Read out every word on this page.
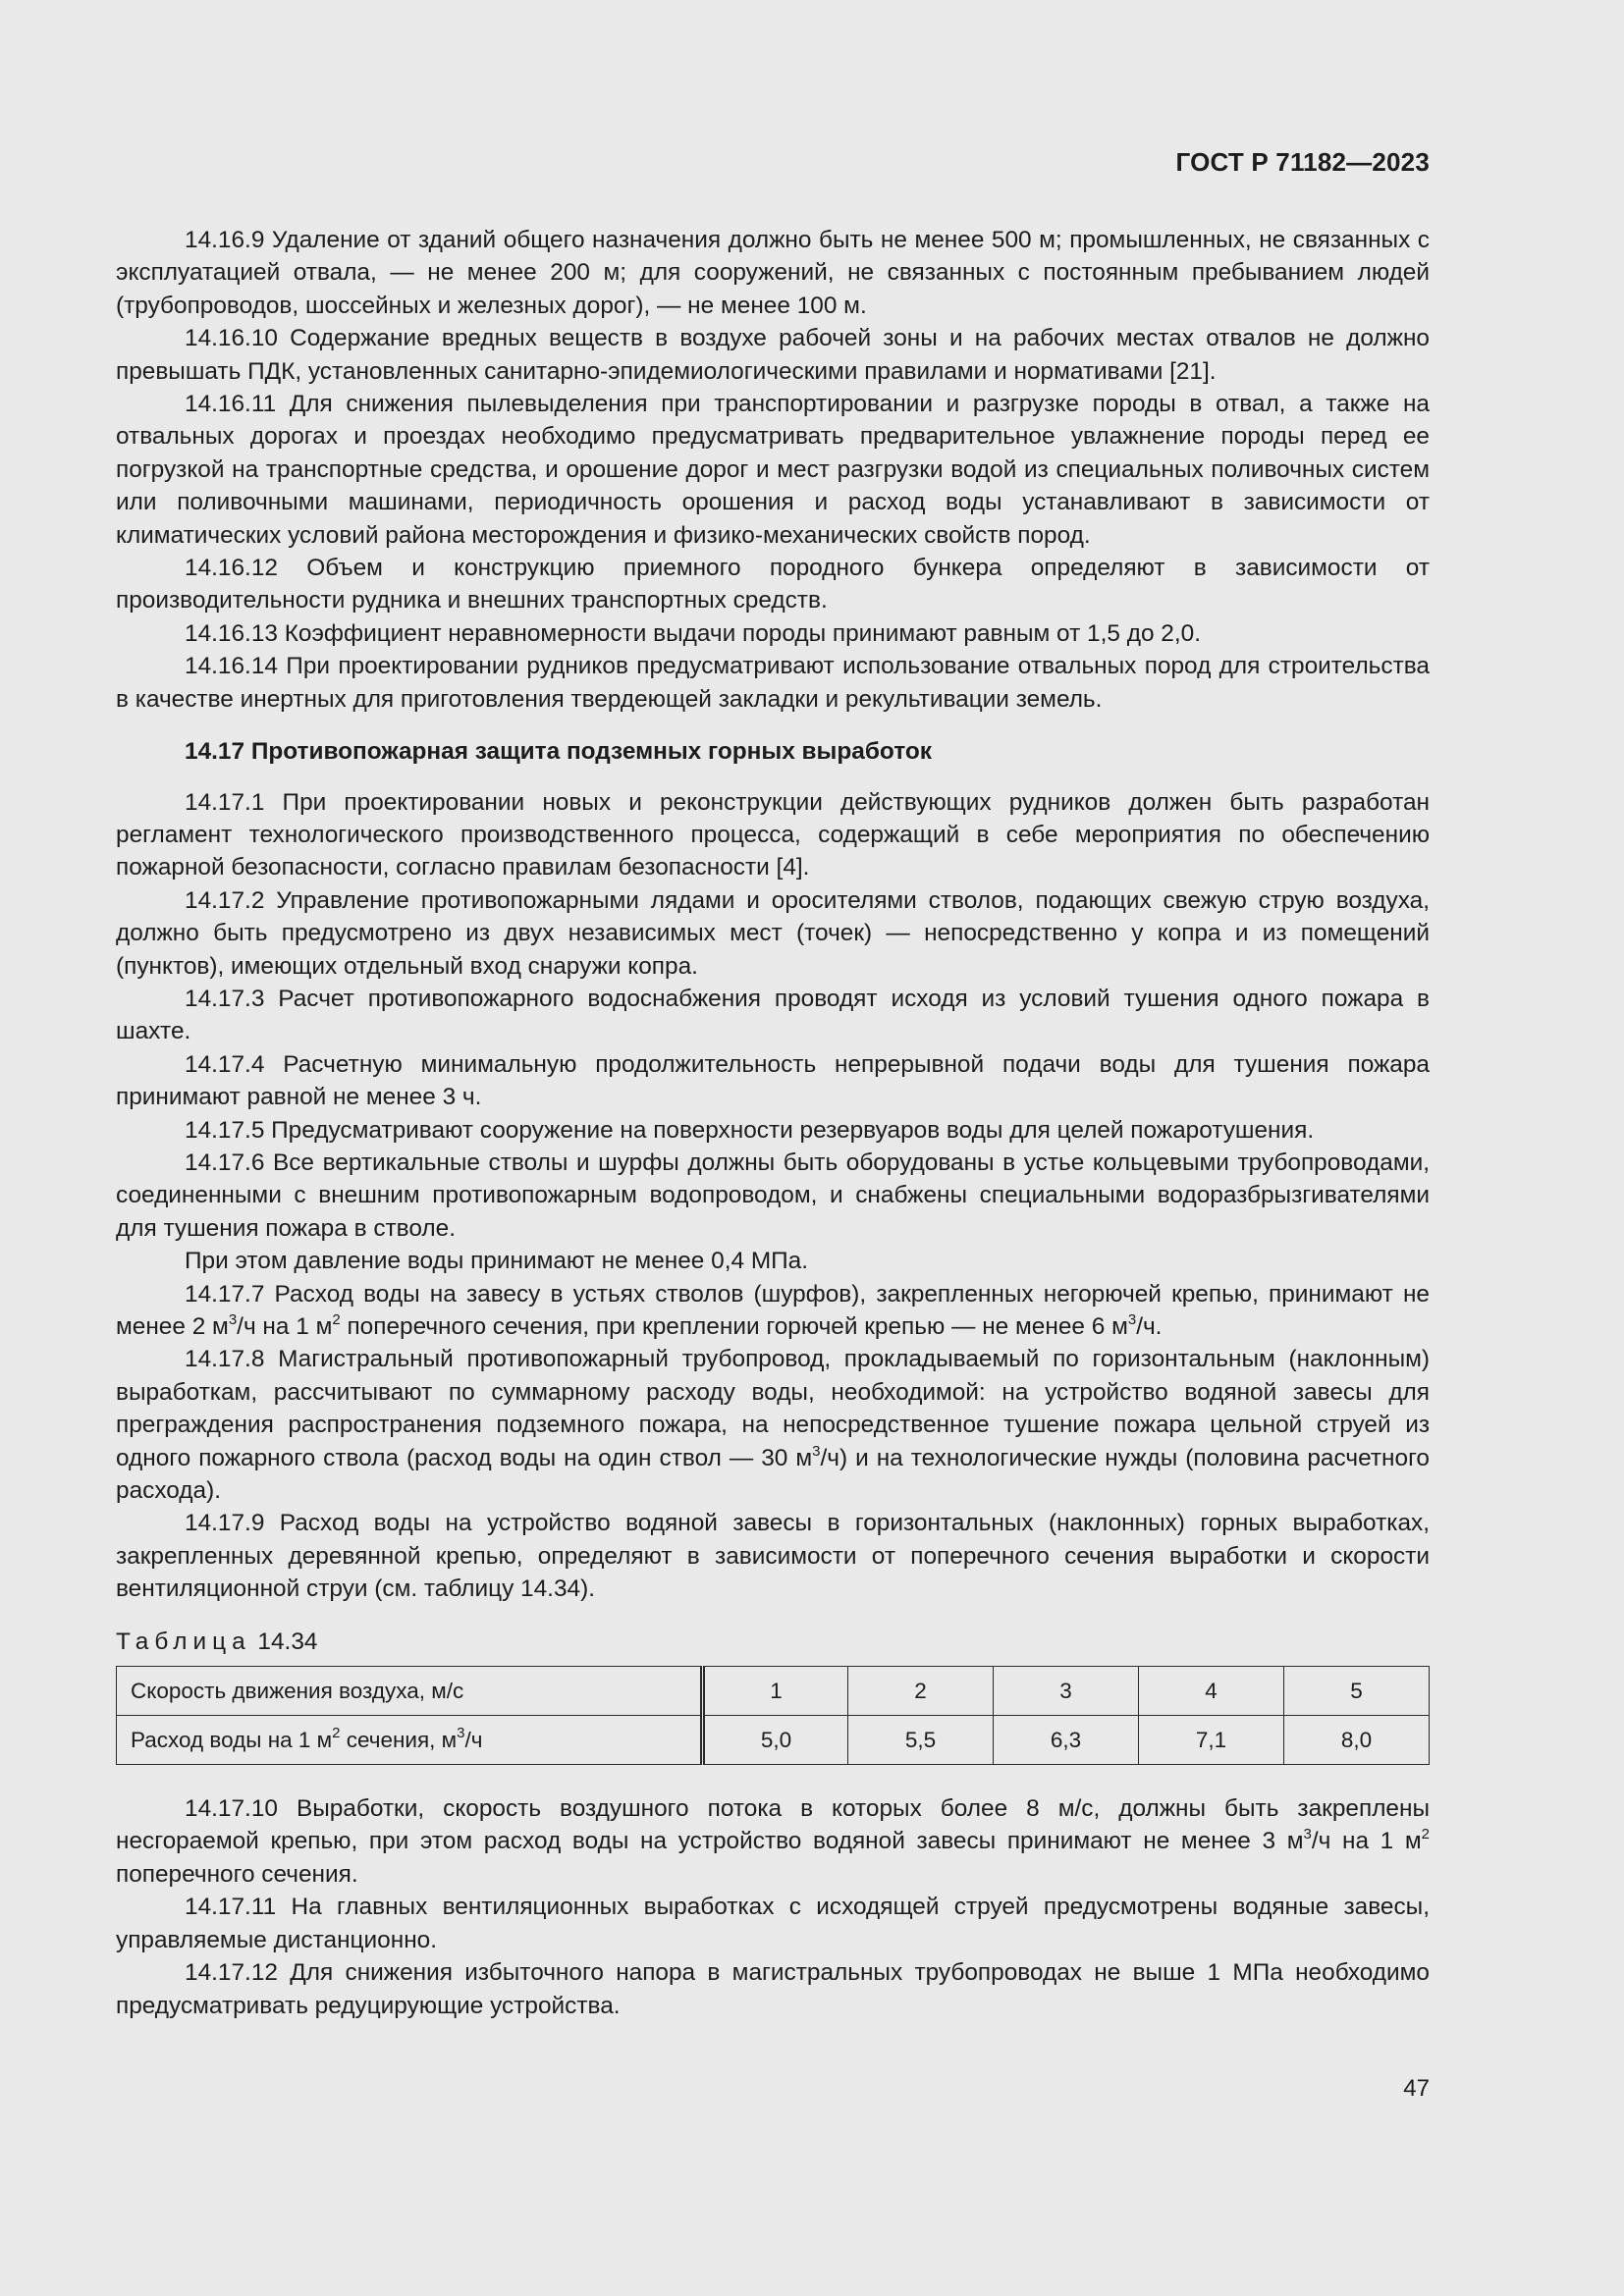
ГОСТ Р 71182—2023

14.16.9 Удаление от зданий общего назначения должно быть не менее 500 м; промышленных, не связанных с эксплуатацией отвала, — не менее 200 м; для сооружений, не связанных с постоянным пребыванием людей (трубопроводов, шоссейных и железных дорог), — не менее 100 м.

14.16.10 Содержание вредных веществ в воздухе рабочей зоны и на рабочих местах отвалов не должно превышать ПДК, установленных санитарно-эпидемиологическими правилами и нормативами [21].

14.16.11 Для снижения пылевыделения при транспортировании и разгрузке породы в отвал, а также на отвальных дорогах и проездах необходимо предусматривать предварительное увлажнение породы перед ее погрузкой на транспортные средства, и орошение дорог и мест разгрузки водой из специальных поливочных систем или поливочными машинами, периодичность орошения и расход воды устанавливают в зависимости от климатических условий района месторождения и физико-механических свойств пород.

14.16.12 Объем и конструкцию приемного породного бункера определяют в зависимости от производительности рудника и внешних транспортных средств.

14.16.13 Коэффициент неравномерности выдачи породы принимают равным от 1,5 до 2,0.

14.16.14 При проектировании рудников предусматривают использование отвальных пород для строительства в качестве инертных для приготовления твердеющей закладки и рекультивации земель.

14.17 Противопожарная защита подземных горных выработок

14.17.1 При проектировании новых и реконструкции действующих рудников должен быть разработан регламент технологического производственного процесса, содержащий в себе мероприятия по обеспечению пожарной безопасности, согласно правилам безопасности [4].

14.17.2 Управление противопожарными лядами и оросителями стволов, подающих свежую струю воздуха, должно быть предусмотрено из двух независимых мест (точек) — непосредственно у копра и из помещений (пунктов), имеющих отдельный вход снаружи копра.

14.17.3 Расчет противопожарного водоснабжения проводят исходя из условий тушения одного пожара в шахте.

14.17.4 Расчетную минимальную продолжительность непрерывной подачи воды для тушения пожара принимают равной не менее 3 ч.

14.17.5 Предусматривают сооружение на поверхности резервуаров воды для целей пожаротушения.

14.17.6 Все вертикальные стволы и шурфы должны быть оборудованы в устье кольцевыми трубопроводами, соединенными с внешним противопожарным водопроводом, и снабжены специальными водоразбрызгивателями для тушения пожара в стволе.

При этом давление воды принимают не менее 0,4 МПа.

14.17.7 Расход воды на завесу в устьях стволов (шурфов), закрепленных негорючей крепью, принимают не менее 2 $м^3/ч$ на 1 $м^2$ поперечного сечения, при креплении горючей крепью — не менее 6 $м^3/ч$.

14.17.8 Магистральный противопожарный трубопровод, прокладываемый по горизонтальным (наклонным) выработкам, рассчитывают по суммарному расходу воды, необходимой: на устройство водяной завесы для преграждения распространения подземного пожара, на непосредственное тушение пожара цельной струей из одного пожарного ствола (расход воды на один ствол — 30 $м^3/ч$) и на технологические нужды (половина расчетного расхода).

14.17.9 Расход воды на устройство водяной завесы в горизонтальных (наклонных) горных выработках, закрепленных деревянной крепью, определяют в зависимости от поперечного сечения выработки и скорости вентиляционной струи (см. таблицу 14.34).

Таблица 14.34
Скорость движения воздуха, м/с	1	2	3	4	5
Расход воды на 1 $м^2$ сечения, $м^3/ч$	5,0	5,5	6,3	7,1	8,0

14.17.10 Выработки, скорость воздушного потока в которых более 8 м/с, должны быть закреплены несгораемой крепью, при этом расход воды на устройство водяной завесы принимают не менее 3 $м^3/ч$ на 1 $м^2$ поперечного сечения.

14.17.11 На главных вентиляционных выработках с исходящей струей предусмотрены водяные завесы, управляемые дистанционно.

14.17.12 Для снижения избыточного напора в магистральных трубопроводах не выше 1 МПа необходимо предусматривать редуцирующие устройства.

47
